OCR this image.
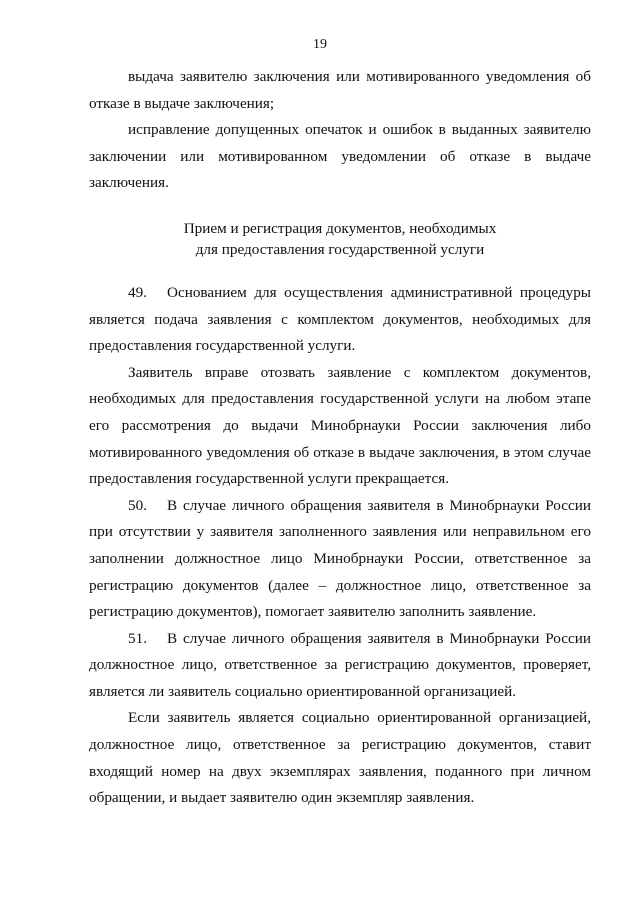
19

выдача заявителю заключения или мотивированного уведомления об отказе в выдаче заключения;

исправление допущенных опечаток и ошибок в выданных заявителю заключении или мотивированном уведомлении об отказе в выдаче заключения.

Прием и регистрация документов, необходимых
для предоставления государственной услуги

49. Основанием для осуществления административной процедуры является подача заявления с комплектом документов, необходимых для предоставления государственной услуги.

Заявитель вправе отозвать заявление с комплектом документов, необходимых для предоставления государственной услуги на любом этапе его рассмотрения до выдачи Минобрнауки России заключения либо мотивированного уведомления об отказе в выдаче заключения, в этом случае предоставления государственной услуги прекращается.

50. В случае личного обращения заявителя в Минобрнауки России при отсутствии у заявителя заполненного заявления или неправильном его заполнении должностное лицо Минобрнауки России, ответственное за регистрацию документов (далее – должностное лицо, ответственное за регистрацию документов), помогает заявителю заполнить заявление.

51. В случае личного обращения заявителя в Минобрнауки России должностное лицо, ответственное за регистрацию документов, проверяет, является ли заявитель социально ориентированной организацией.

Если заявитель является социально ориентированной организацией, должностное лицо, ответственное за регистрацию документов, ставит входящий номер на двух экземплярах заявления, поданного при личном обращении, и выдает заявителю один экземпляр заявления.
